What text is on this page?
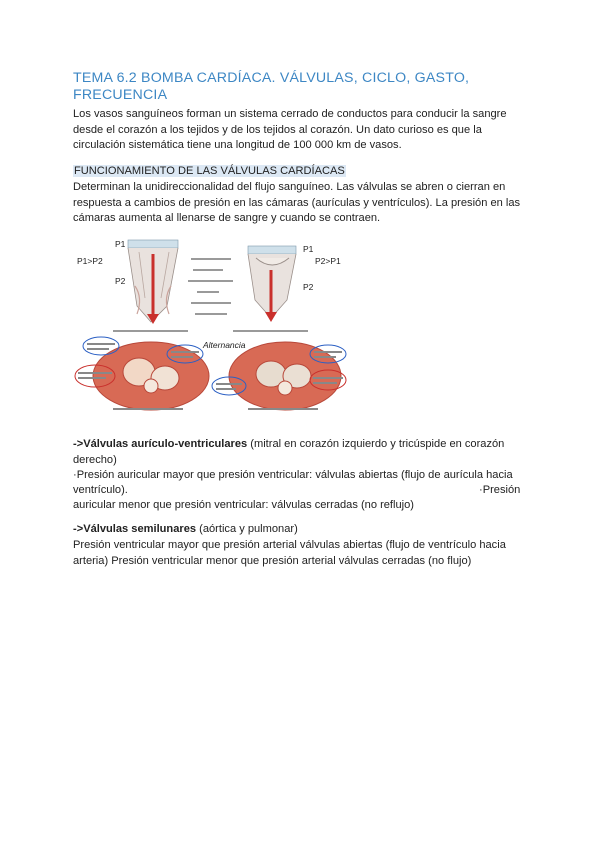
TEMA 6.2 BOMBA CARDÍACA. VÁLVULAS, CICLO, GASTO, FRECUENCIA

Los vasos sanguíneos forman un sistema cerrado de conductos para conducir la sangre desde el corazón a los tejidos y de los tejidos al corazón. Un dato curioso es que la circulación sistemática tiene una longitud de 100 000 km de vasos.

FUNCIONAMIENTO DE LAS VÁLVULAS CARDÍACAS

Determinan la unidireccionalidad del flujo sanguíneo. Las válvulas se abren o cierran en respuesta a cambios de presión en las cámaras (aurículas y ventrículos). La presión en las cámaras aumenta al llenarse de sangre y cuando se contraen.

P1
P1>P2
P2
P1
P2>P1
P2
Alternancia

->Válvulas aurículo-ventriculares (mitral en corazón izquierdo y tricúspide en corazón derecho)

·Presión auricular mayor que presión ventricular: válvulas abiertas (flujo de aurícula hacia

ventrículo).	·Presión

auricular menor que presión ventricular: válvulas cerradas (no reflujo)

->Válvulas semilunares (aórtica y pulmonar)

Presión ventricular mayor que presión arterial válvulas abiertas (flujo de ventrículo hacia arteria) Presión ventricular menor que presión arterial válvulas cerradas (no flujo)
